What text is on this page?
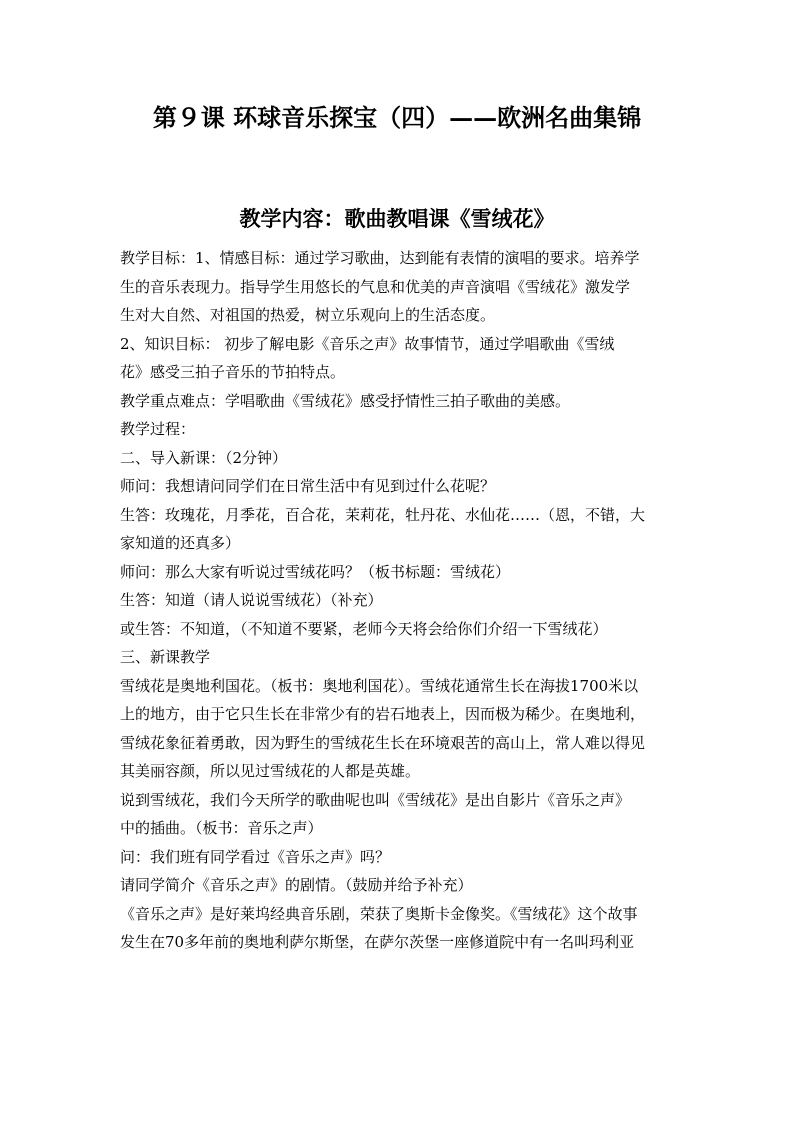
第９课 环球音乐探宝（四）——欧洲名曲集锦
教学内容：歌曲教唱课《雪绒花》

教学目标：1、情感目标：通过学习歌曲，达到能有表情的演唱的要求。培养学

生的音乐表现力。指导学生用悠长的气息和优美的声音演唱《雪绒花》激发学

生对大自然、对祖国的热爱，树立乐观向上的生活态度。

2、知识目标： 初步了解电影《音乐之声》故事情节，通过学唱歌曲《雪绒

花》感受三拍子音乐的节拍特点。

教学重点难点：学唱歌曲《雪绒花》感受抒情性三拍子歌曲的美感。

教学过程：

二、导入新课：（2分钟）

师问：我想请问同学们在日常生活中有见到过什么花呢？

生答：玫瑰花，月季花，百合花，茉莉花，牡丹花、水仙花……（恩，不错，大

家知道的还真多）

师问：那么大家有听说过雪绒花吗？（板书标题：雪绒花）

生答：知道（请人说说雪绒花）（补充）

或生答：不知道，（不知道不要紧，老师今天将会给你们介绍一下雪绒花）

三、新课教学

雪绒花是奥地利国花。（板书：奥地利国花）。雪绒花通常生长在海拔1700米以

上的地方，由于它只生长在非常少有的岩石地表上，因而极为稀少。在奥地利，

雪绒花象征着勇敢，因为野生的雪绒花生长在环境艰苦的高山上，常人难以得见

其美丽容颜，所以见过雪绒花的人都是英雄。

说到雪绒花，我们今天所学的歌曲呢也叫《雪绒花》是出自影片《音乐之声》

中的插曲。（板书：音乐之声）

问：我们班有同学看过《音乐之声》吗？

请同学简介《音乐之声》的剧情。（鼓励并给予补充）

《音乐之声》是好莱坞经典音乐剧，荣获了奥斯卡金像奖。《雪绒花》这个故事

发生在70多年前的奥地利萨尔斯堡，在萨尔茨堡一座修道院中有一名叫玛利亚
